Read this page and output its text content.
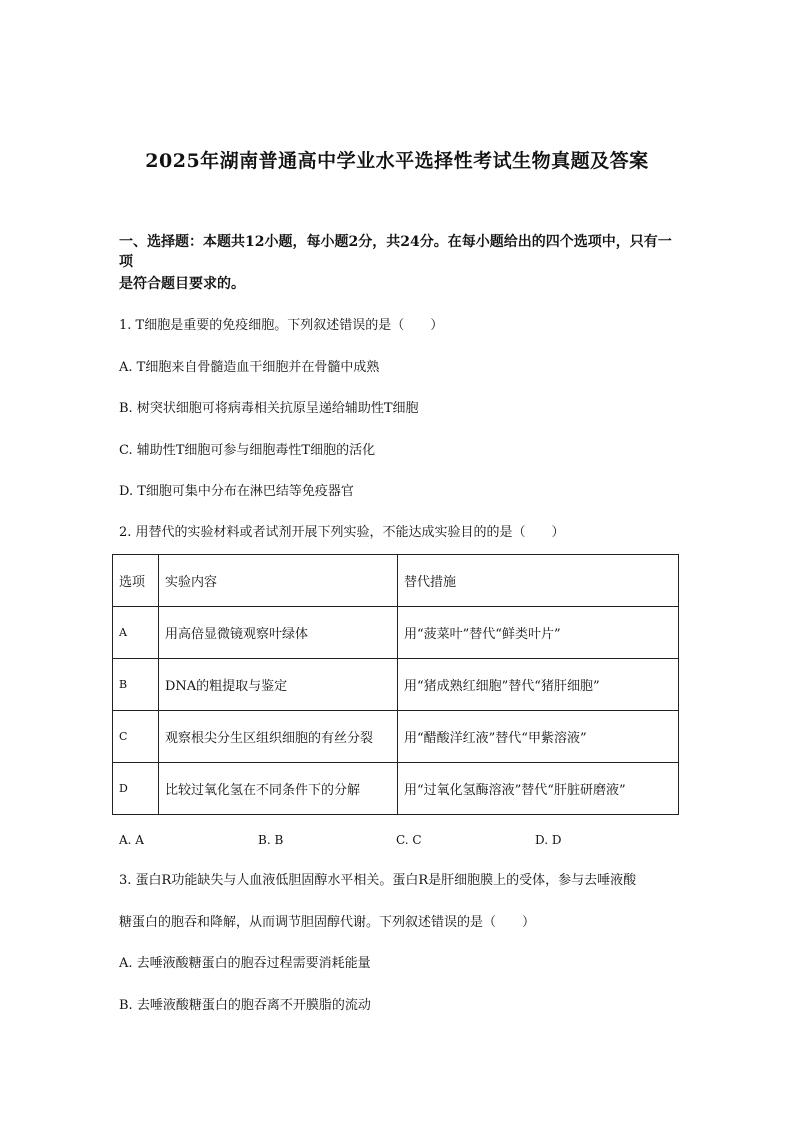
2025年湖南普通高中学业水平选择性考试生物真题及答案
一、选择题：本题共12小题，每小题2分，共24分。在每小题给出的四个选项中，只有一项
是符合题目要求的。
1. T细胞是重要的免疫细胞。下列叙述错误的是（　　）
A. T细胞来自骨髓造血干细胞并在骨髓中成熟
B. 树突状细胞可将病毒相关抗原呈递给辅助性T细胞
C. 辅助性T细胞可参与细胞毒性T细胞的活化
D. T细胞可集中分布在淋巴结等免疫器官
2. 用替代的实验材料或者试剂开展下列实验，不能达成实验目的的是（　　）
选项	实验内容	替代措施
A	用高倍显微镜观察叶绿体	用“菠菜叶”替代“鲜类叶片”
B	DNA的粗提取与鉴定	用“猪成熟红细胞”替代“猪肝细胞”
C	观察根尖分生区组织细胞的有丝分裂	用“醋酸洋红液”替代“甲紫溶液”
D	比较过氧化氢在不同条件下的分解	用“过氧化氢酶溶液”替代“肝脏研磨液”
A. A	B. B	C. C	D. D
3. 蛋白R功能缺失与人血液低胆固醇水平相关。蛋白R是肝细胞膜上的受体，参与去唾液酸
糖蛋白的胞吞和降解，从而调节胆固醇代谢。下列叙述错误的是（　　）
A. 去唾液酸糖蛋白的胞吞过程需要消耗能量
B. 去唾液酸糖蛋白的胞吞离不开膜脂的流动
